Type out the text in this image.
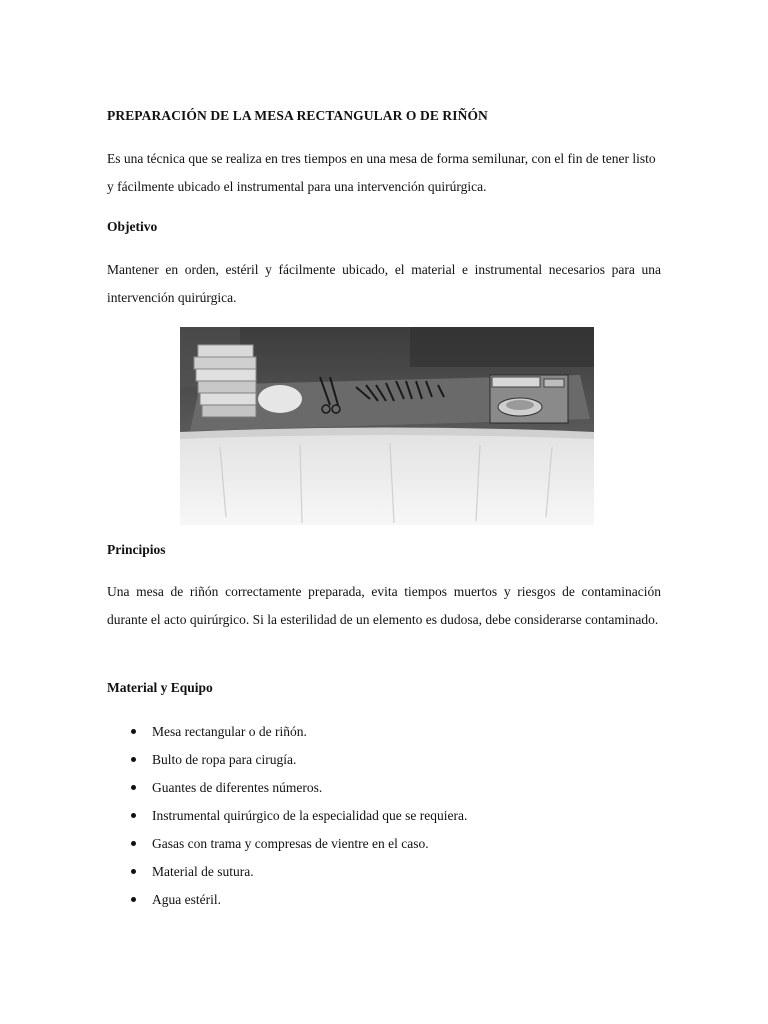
PREPARACIÓN DE LA MESA RECTANGULAR O DE RIÑÓN

Es una técnica que se realiza en tres tiempos en una mesa de forma semilunar, con el fin de tener listo y fácilmente ubicado el instrumental para una intervención quirúrgica.

Objetivo

Mantener en orden, estéril y fácilmente ubicado, el material e instrumental necesarios para una intervención quirúrgica.

Principios

Una mesa de riñón correctamente preparada, evita tiempos muertos y riesgos de contaminación durante el acto quirúrgico. Si la esterilidad de un elemento es dudosa, debe considerarse contaminado.

Material y Equipo
Mesa rectangular o de riñón.
Bulto de ropa para cirugía.
Guantes de diferentes números.
Instrumental quirúrgico de la especialidad que se requiera.
Gasas con trama y compresas de vientre en el caso.
Material de sutura.
Agua estéril.
